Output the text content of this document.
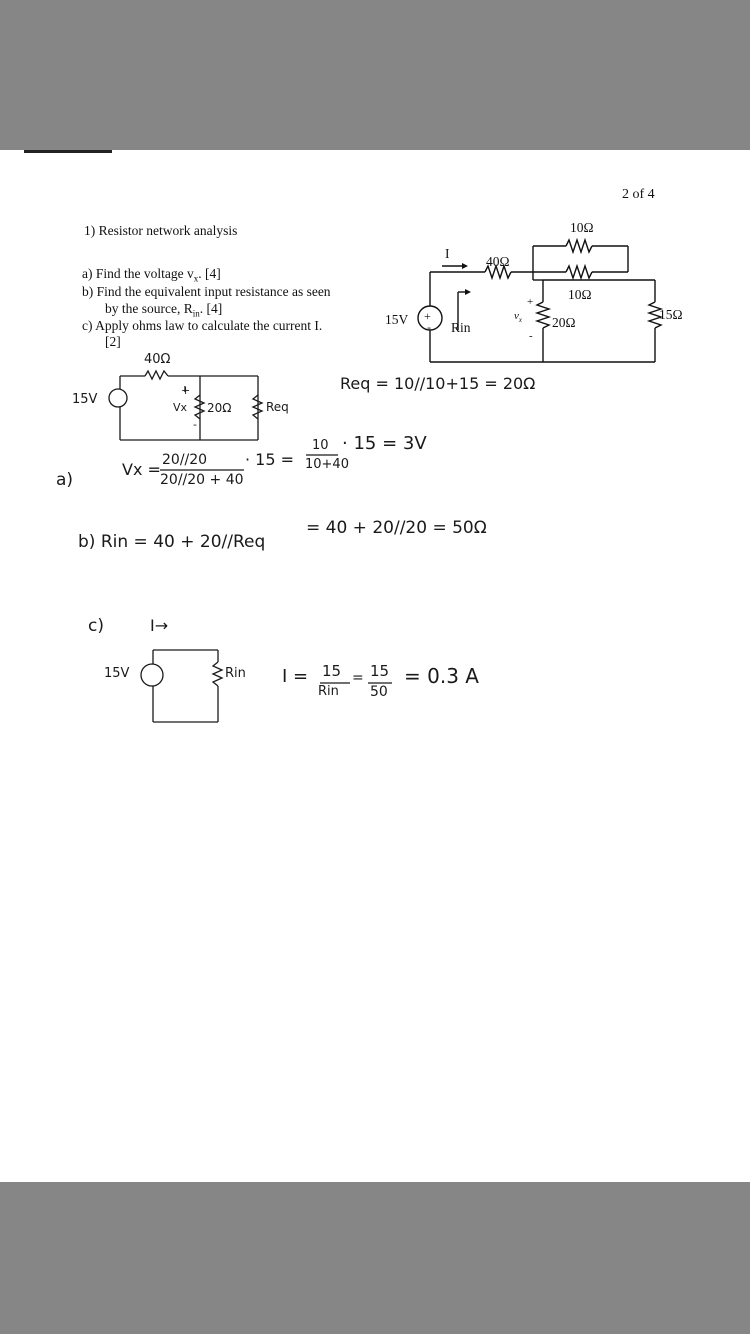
2 of 4
1) Resistor network analysis
a) Find the voltage $v_x$. [4]
b) Find the equivalent input resistance as seen
by the source, $R_{in}$. [4]
c) Apply ohms law to calculate the current I.
[2]
+
-
15V
I
40Ω
10Ω
10Ω
20Ω
15Ω
Rin
+
-
$v_x$
15V
40Ω
+
Vx 20Ω	Req
-
Req = 10//10+15 = 20Ω
a)
Vx = 20//20
20//20 + 40
· 15 =
10
10+40
· 15 = 3V
b) Rin = 40 + 20//Req
= 40 + 20//20 = 50Ω
c)	I→
15V	Rin I = 15
Rin
= 15
50
= 0.3 A
